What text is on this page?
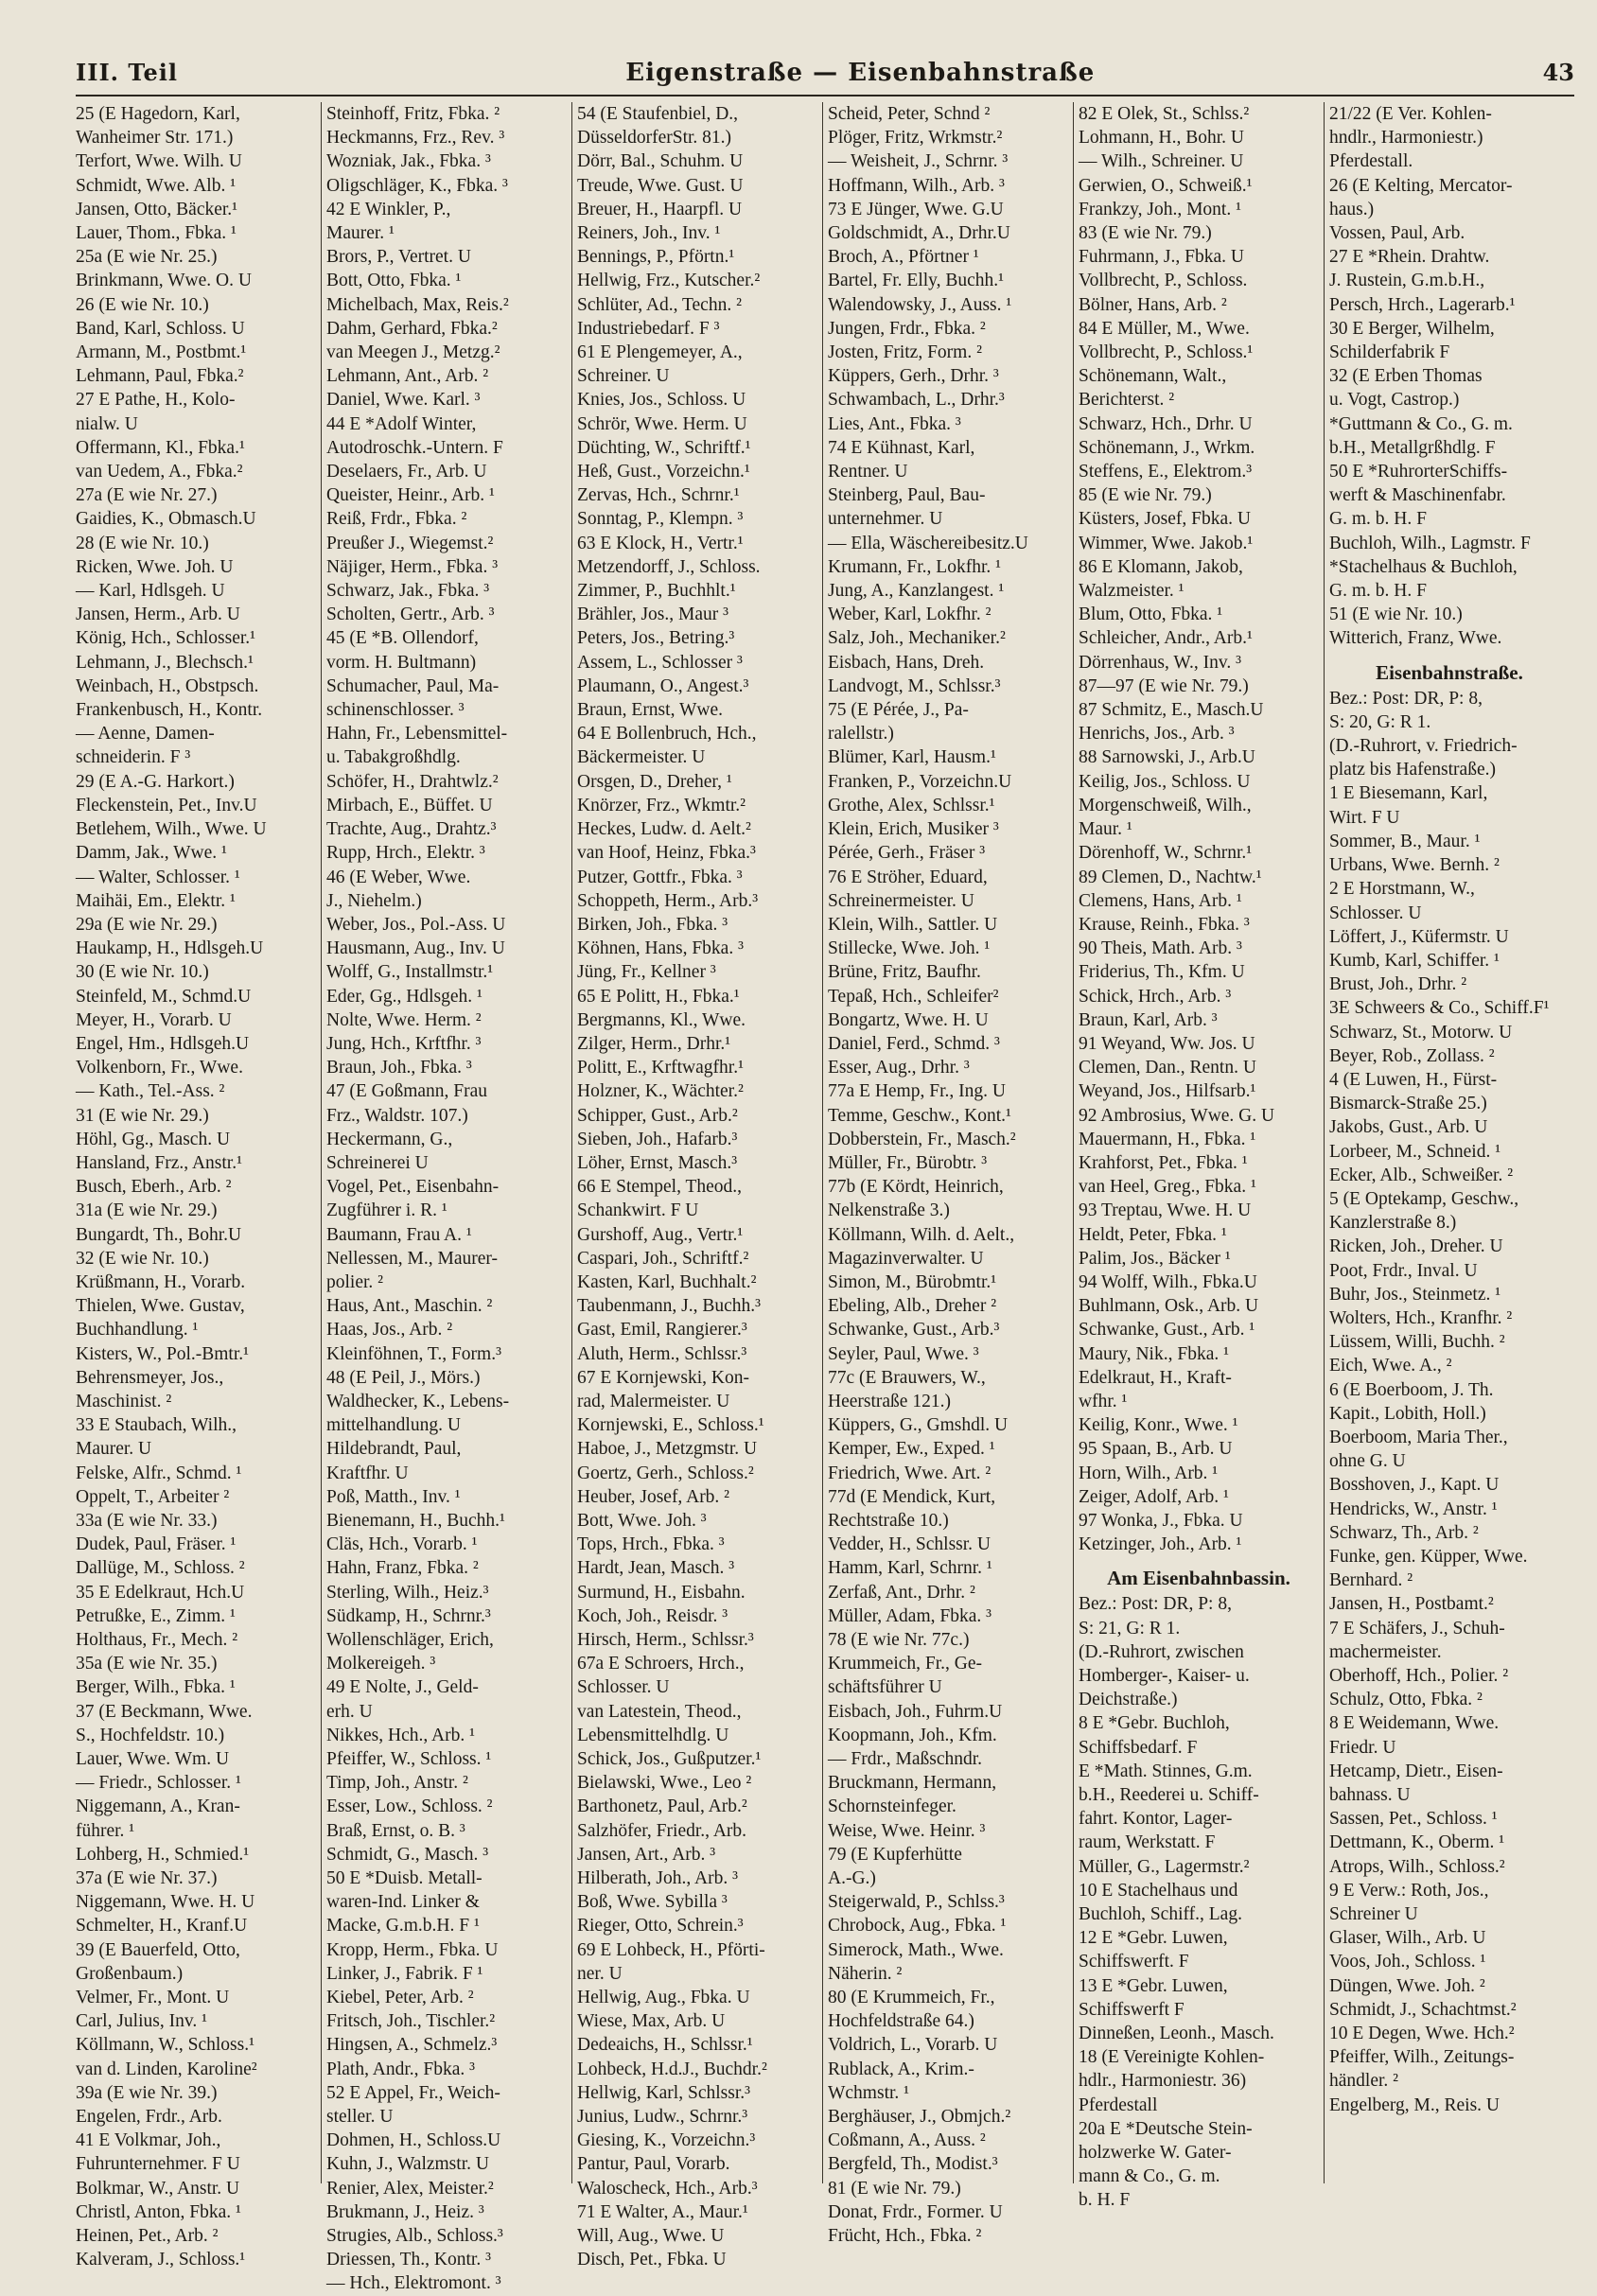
III. Teil	Eigenstraße — Eisenbahnstraße	43
25 (E Hagedorn, Karl,
Wanheimer Str. 171.)
Terfort, Wwe. Wilh. U
Schmidt, Wwe. Alb. ¹
Jansen, Otto, Bäcker.¹
Lauer, Thom., Fbka. ¹
25a (E wie Nr. 25.)
Brinkmann, Wwe. O. U
26 (E wie Nr. 10.)
Band, Karl, Schloss. U
Armann, M., Postbmt.¹
Lehmann, Paul, Fbka.²
27 E Pathe, H., Kolo-
nialw. U
Offermann, Kl., Fbka.¹
van Uedem, A., Fbka.²
27a (E wie Nr. 27.)
Gaidies, K., Obmasch.U
28 (E wie Nr. 10.)
Ricken, Wwe. Joh. U
— Karl, Hdlsgeh. U
Jansen, Herm., Arb. U
König, Hch., Schlosser.¹
Lehmann, J., Blechsch.¹
Weinbach, H., Obstpsch.
Frankenbusch, H., Kontr.
— Aenne, Damen-
schneiderin. F ³
29 (E A.-G. Harkort.)
Fleckenstein, Pet., Inv.U
Betlehem, Wilh., Wwe. U
Damm, Jak., Wwe. ¹
— Walter, Schlosser. ¹
Maihäi, Em., Elektr. ¹
29a (E wie Nr. 29.)
Haukamp, H., Hdlsgeh.U
30 (E wie Nr. 10.)
Steinfeld, M., Schmd.U
Meyer, H., Vorarb. U
Engel, Hm., Hdlsgeh.U
Volkenborn, Fr., Wwe.
— Kath., Tel.-Ass. ²
31 (E wie Nr. 29.)
Höhl, Gg., Masch. U
Hansland, Frz., Anstr.¹
Busch, Eberh., Arb. ²
31a (E wie Nr. 29.)
Bungardt, Th., Bohr.U
32 (E wie Nr. 10.)
Krüßmann, H., Vorarb.
Thielen, Wwe. Gustav,
Buchhandlung. ¹
Kisters, W., Pol.-Bmtr.¹
Behrensmeyer, Jos.,
Maschinist. ²
33 E Staubach, Wilh.,
Maurer. U
Felske, Alfr., Schmd. ¹
Oppelt, T., Arbeiter ²
33a (E wie Nr. 33.)
Dudek, Paul, Fräser. ¹
Dallüge, M., Schloss. ²
35 E Edelkraut, Hch.U
Petrußke, E., Zimm. ¹
Holthaus, Fr., Mech. ²
35a (E wie Nr. 35.)
Berger, Wilh., Fbka. ¹
37 (E Beckmann, Wwe.
S., Hochfeldstr. 10.)
Lauer, Wwe. Wm. U
— Friedr., Schlosser. ¹
Niggemann, A., Kran-
führer. ¹
Lohberg, H., Schmied.¹
37a (E wie Nr. 37.)
Niggemann, Wwe. H. U
Schmelter, H., Kranf.U
39 (E Bauerfeld, Otto,
Großenbaum.)
Velmer, Fr., Mont. U
Carl, Julius, Inv. ¹
Köllmann, W., Schloss.¹
van d. Linden, Karoline²
39a (E wie Nr. 39.)
Engelen, Frdr., Arb.
41 E Volkmar, Joh.,
Fuhrunternehmer. F U
Bolkmar, W., Anstr. U
Christl, Anton, Fbka. ¹
Heinen, Pet., Arb. ²
Kalveram, J., Schloss.¹
Steinhoff, Fritz, Fbka. ²
Heckmanns, Frz., Rev. ³
Wozniak, Jak., Fbka. ³
Oligschläger, K., Fbka. ³
42 E Winkler, P.,
Maurer. ¹
Brors, P., Vertret. U
Bott, Otto, Fbka. ¹
Michelbach, Max, Reis.²
Dahm, Gerhard, Fbka.²
van Meegen J., Metzg.²
Lehmann, Ant., Arb. ²
Daniel, Wwe. Karl. ³
44 E *Adolf Winter,
Autodroschk.-Untern. F
Deselaers, Fr., Arb. U
Queister, Heinr., Arb. ¹
Reiß, Frdr., Fbka. ²
Preußer J., Wiegemst.²
Näjiger, Herm., Fbka. ³
Schwarz, Jak., Fbka. ³
Scholten, Gertr., Arb. ³
45 (E *B. Ollendorf,
vorm. H. Bultmann)
Schumacher, Paul, Ma-
schinenschlosser. ³
Hahn, Fr., Lebensmittel-
u. Tabakgroßhdlg.
Schöfer, H., Drahtwlz.²
Mirbach, E., Büffet. U
Trachte, Aug., Drahtz.³
Rupp, Hrch., Elektr. ³
46 (E Weber, Wwe.
J., Niehelm.)
Weber, Jos., Pol.-Ass. U
Hausmann, Aug., Inv. U
Wolff, G., Installmstr.¹
Eder, Gg., Hdlsgeh. ¹
Nolte, Wwe. Herm. ²
Jung, Hch., Krftfhr. ³
Braun, Joh., Fbka. ³
47 (E Goßmann, Frau
Frz., Waldstr. 107.)
Heckermann, G.,
Schreinerei U
Vogel, Pet., Eisenbahn-
Zugführer i. R. ¹
Baumann, Frau A. ¹
Nellessen, M., Maurer-
polier. ²
Haus, Ant., Maschin. ²
Haas, Jos., Arb. ²
Kleinföhnen, T., Form.³
48 (E Peil, J., Mörs.)
Waldhecker, K., Lebens-
mittelhandlung. U
Hildebrandt, Paul,
Kraftfhr. U
Poß, Matth., Inv. ¹
Bienemann, H., Buchh.¹
Cläs, Hch., Vorarb. ¹
Hahn, Franz, Fbka. ²
Sterling, Wilh., Heiz.³
Südkamp, H., Schrnr.³
Wollenschläger, Erich,
Molkereigeh. ³
49 E Nolte, J., Geld-
erh. U
Nikkes, Hch., Arb. ¹
Pfeiffer, W., Schloss. ¹
Timp, Joh., Anstr. ²
Esser, Low., Schloss. ²
Braß, Ernst, o. B. ³
Schmidt, G., Masch. ³
50 E *Duisb. Metall-
waren-Ind. Linker &
Macke, G.m.b.H. F ¹
Kropp, Herm., Fbka. U
Linker, J., Fabrik. F ¹
Kiebel, Peter, Arb. ²
Fritsch, Joh., Tischler.²
Hingsen, A., Schmelz.³
Plath, Andr., Fbka. ³
52 E Appel, Fr., Weich-
steller. U
Dohmen, H., Schloss.U
Kuhn, J., Walzmstr. U
Renier, Alex, Meister.²
Brukmann, J., Heiz. ³
Strugies, Alb., Schloss.³
Driessen, Th., Kontr. ³
— Hch., Elektromont. ³
54 (E Staufenbiel, D.,
DüsseldorferStr. 81.)
Dörr, Bal., Schuhm. U
Treude, Wwe. Gust. U
Breuer, H., Haarpfl. U
Reiners, Joh., Inv. ¹
Bennings, P., Pförtn.¹
Hellwig, Frz., Kutscher.²
Schlüter, Ad., Techn. ²
Industriebedarf. F ³
61 E Plengemeyer, A.,
Schreiner. U
Knies, Jos., Schloss. U
Schrör, Wwe. Herm. U
Düchting, W., Schriftf.¹
Heß, Gust., Vorzeichn.¹
Zervas, Hch., Schrnr.¹
Sonntag, P., Klempn. ³
63 E Klock, H., Vertr.¹
Metzendorff, J., Schloss.
Zimmer, P., Buchhlt.¹
Brähler, Jos., Maur ³
Peters, Jos., Betring.³
Assem, L., Schlosser ³
Plaumann, O., Angest.³
Braun, Ernst, Wwe.
64 E Bollenbruch, Hch.,
Bäckermeister. U
Orsgen, D., Dreher, ¹
Knörzer, Frz., Wkmtr.²
Heckes, Ludw. d. Aelt.²
van Hoof, Heinz, Fbka.³
Putzer, Gottfr., Fbka. ³
Schoppeth, Herm., Arb.³
Birken, Joh., Fbka. ³
Köhnen, Hans, Fbka. ³
Jüng, Fr., Kellner ³
65 E Politt, H., Fbka.¹
Bergmanns, Kl., Wwe.
Zilger, Herm., Drhr.¹
Politt, E., Krftwagfhr.¹
Holzner, K., Wächter.²
Schipper, Gust., Arb.²
Sieben, Joh., Hafarb.³
Löher, Ernst, Masch.³
66 E Stempel, Theod.,
Schankwirt. F U
Gurshoff, Aug., Vertr.¹
Caspari, Joh., Schriftf.²
Kasten, Karl, Buchhalt.²
Taubenmann, J., Buchh.³
Gast, Emil, Rangierer.³
Aluth, Herm., Schlssr.³
67 E Kornjewski, Kon-
rad, Malermeister. U
Kornjewski, E., Schloss.¹
Haboe, J., Metzgmstr. U
Goertz, Gerh., Schloss.²
Heuber, Josef, Arb. ²
Bott, Wwe. Joh. ³
Tops, Hrch., Fbka. ³
Hardt, Jean, Masch. ³
Surmund, H., Eisbahn.
Koch, Joh., Reisdr. ³
Hirsch, Herm., Schlssr.³
67a E Schroers, Hrch.,
Schlosser. U
van Latestein, Theod.,
Lebensmittelhdlg. U
Schick, Jos., Gußputzer.¹
Bielawski, Wwe., Leo ²
Barthonetz, Paul, Arb.²
Salzhöfer, Friedr., Arb.
Jansen, Art., Arb. ³
Hilberath, Joh., Arb. ³
Boß, Wwe. Sybilla ³
Rieger, Otto, Schrein.³
69 E Lohbeck, H., Pförti-
ner. U
Hellwig, Aug., Fbka. U
Wiese, Max, Arb. U
Dedeaichs, H., Schlssr.¹
Lohbeck, H.d.J., Buchdr.²
Hellwig, Karl, Schlssr.³
Junius, Ludw., Schrnr.³
Giesing, K., Vorzeichn.³
Pantur, Paul, Vorarb.
Waloscheck, Hch., Arb.³
71 E Walter, A., Maur.¹
Will, Aug., Wwe. U
Disch, Pet., Fbka. U
Scheid, Peter, Schnd ²
Plöger, Fritz, Wrkmstr.²
— Weisheit, J., Schrnr. ³
Hoffmann, Wilh., Arb. ³
73 E Jünger, Wwe. G.U
Goldschmidt, A., Drhr.U
Broch, A., Pförtner ¹
Bartel, Fr. Elly, Buchh.¹
Walendowsky, J., Auss. ¹
Jungen, Frdr., Fbka. ²
Josten, Fritz, Form. ²
Küppers, Gerh., Drhr. ³
Schwambach, L., Drhr.³
Lies, Ant., Fbka. ³
74 E Kühnast, Karl,
Rentner. U
Steinberg, Paul, Bau-
unternehmer. U
— Ella, Wäschereibesitz.U
Krumann, Fr., Lokfhr. ¹
Jung, A., Kanzlangest. ¹
Weber, Karl, Lokfhr. ²
Salz, Joh., Mechaniker.²
Eisbach, Hans, Dreh.
Landvogt, M., Schlssr.³
75 (E Pérée, J., Pa-
ralellstr.)
Blümer, Karl, Hausm.¹
Franken, P., Vorzeichn.U
Grothe, Alex, Schlssr.¹
Klein, Erich, Musiker ³
Pérée, Gerh., Fräser ³
76 E Ströher, Eduard,
Schreinermeister. U
Klein, Wilh., Sattler. U
Stillecke, Wwe. Joh. ¹
Brüne, Fritz, Baufhr.
Tepaß, Hch., Schleifer²
Bongartz, Wwe. H. U
Daniel, Ferd., Schmd. ³
Esser, Aug., Drhr. ³
77a E Hemp, Fr., Ing. U
Temme, Geschw., Kont.¹
Dobberstein, Fr., Masch.²
Müller, Fr., Bürobtr. ³
77b (E Kördt, Heinrich,
Nelkenstraße 3.)
Köllmann, Wilh. d. Aelt.,
Magazinverwalter. U
Simon, M., Bürobmtr.¹
Ebeling, Alb., Dreher ²
Schwanke, Gust., Arb.³
Seyler, Paul, Wwe. ³
77c (E Brauwers, W.,
Heerstraße 121.)
Küppers, G., Gmshdl. U
Kemper, Ew., Exped. ¹
Friedrich, Wwe. Art. ²
77d (E Mendick, Kurt,
Rechtstraße 10.)
Vedder, H., Schlssr. U
Hamm, Karl, Schrnr. ¹
Zerfaß, Ant., Drhr. ²
Müller, Adam, Fbka. ³
78 (E wie Nr. 77c.)
Krummeich, Fr., Ge-
schäftsführer U
Eisbach, Joh., Fuhrm.U
Koopmann, Joh., Kfm.
— Frdr., Maßschndr.
Bruckmann, Hermann,
Schornsteinfeger.
Weise, Wwe. Heinr. ³
79 (E Kupferhütte
A.-G.)
Steigerwald, P., Schlss.³
Chrobock, Aug., Fbka. ¹
Simerock, Math., Wwe.
Näherin. ²
80 (E Krummeich, Fr.,
Hochfeldstraße 64.)
Voldrich, L., Vorarb. U
Rublack, A., Krim.-
Wchmstr. ¹
Berghäuser, J., Obmjch.²
Coßmann, A., Auss. ²
Bergfeld, Th., Modist.³
81 (E wie Nr. 79.)
Donat, Frdr., Former. U
Frücht, Hch., Fbka. ²
82 E Olek, St., Schlss.²
Lohmann, H., Bohr. U
— Wilh., Schreiner. U
Gerwien, O., Schweiß.¹
Frankzy, Joh., Mont. ¹
83 (E wie Nr. 79.)
Fuhrmann, J., Fbka. U
Vollbrecht, P., Schloss.
Bölner, Hans, Arb. ²
84 E Müller, M., Wwe.
Vollbrecht, P., Schloss.¹
Schönemann, Walt.,
Berichterst. ²
Schwarz, Hch., Drhr. U
Schönemann, J., Wrkm.
Steffens, E., Elektrom.³
85 (E wie Nr. 79.)
Küsters, Josef, Fbka. U
Wimmer, Wwe. Jakob.¹
86 E Klomann, Jakob,
Walzmeister. ¹
Blum, Otto, Fbka. ¹
Schleicher, Andr., Arb.¹
Dörrenhaus, W., Inv. ³
87—97 (E wie Nr. 79.)
87 Schmitz, E., Masch.U
Henrichs, Jos., Arb. ³
88 Sarnowski, J., Arb.U
Keilig, Jos., Schloss. U
Morgenschweiß, Wilh.,
Maur. ¹
Dörenhoff, W., Schrnr.¹
89 Clemen, D., Nachtw.¹
Clemens, Hans, Arb. ¹
Krause, Reinh., Fbka. ³
90 Theis, Math. Arb. ³
Friderius, Th., Kfm. U
Schick, Hrch., Arb. ³
Braun, Karl, Arb. ³
91 Weyand, Ww. Jos. U
Clemen, Dan., Rentn. U
Weyand, Jos., Hilfsarb.¹
92 Ambrosius, Wwe. G. U
Mauermann, H., Fbka. ¹
Krahforst, Pet., Fbka. ¹
van Heel, Greg., Fbka. ¹
93 Treptau, Wwe. H. U
Heldt, Peter, Fbka. ¹
Palim, Jos., Bäcker ¹
94 Wolff, Wilh., Fbka.U
Buhlmann, Osk., Arb. U
Schwanke, Gust., Arb. ¹
Maury, Nik., Fbka. ¹
Edelkraut, H., Kraft-
wfhr. ¹
Keilig, Konr., Wwe. ¹
95 Spaan, B., Arb. U
Horn, Wilh., Arb. ¹
Zeiger, Adolf, Arb. ¹
97 Wonka, J., Fbka. U
Ketzinger, Joh., Arb. ¹
Am Eisenbahnbassin.
Bez.: Post: DR, P: 8,
S: 21, G: R 1.
(D.-Ruhrort, zwischen
Homberger-, Kaiser- u.
Deichstraße.)
8 E *Gebr. Buchloh,
Schiffsbedarf. F
E *Math. Stinnes, G.m.
b.H., Reederei u. Schiff-
fahrt. Kontor, Lager-
raum, Werkstatt. F
Müller, G., Lagermstr.²
10 E Stachelhaus und
Buchloh, Schiff., Lag.
12 E *Gebr. Luwen,
Schiffswerft. F
13 E *Gebr. Luwen,
Schiffswerft F
Dinneßen, Leonh., Masch.
18 (E Vereinigte Kohlen-
hdlr., Harmoniestr. 36)
Pferdestall
20a E *Deutsche Stein-
holzwerke W. Gater-
mann & Co., G. m.
b. H. F
21/22 (E Ver. Kohlen-
hndlr., Harmoniestr.)
Pferdestall.
26 (E Kelting, Mercator-
haus.)
Vossen, Paul, Arb.
27 E *Rhein. Drahtw.
J. Rustein, G.m.b.H.,
Persch, Hrch., Lagerarb.¹
30 E Berger, Wilhelm,
Schilderfabrik F
32 (E Erben Thomas
u. Vogt, Castrop.)
*Guttmann & Co., G. m.
b.H., Metallgrßhdlg. F
50 E *RuhrorterSchiffs-
werft & Maschinenfabr.
G. m. b. H. F
Buchloh, Wilh., Lagmstr. F
*Stachelhaus & Buchloh,
G. m. b. H. F
51 (E wie Nr. 10.)
Witterich, Franz, Wwe.
Eisenbahnstraße.
Bez.: Post: DR, P: 8,
S: 20, G: R 1.
(D.-Ruhrort, v. Friedrich-
platz bis Hafenstraße.)
1 E Biesemann, Karl,
Wirt. F U
Sommer, B., Maur. ¹
Urbans, Wwe. Bernh. ²
2 E Horstmann, W.,
Schlosser. U
Löffert, J., Küfermstr. U
Kumb, Karl, Schiffer. ¹
Brust, Joh., Drhr. ²
3E Schweers & Co., Schiff.F¹
Schwarz, St., Motorw. U
Beyer, Rob., Zollass. ²
4 (E Luwen, H., Fürst-
Bismarck-Straße 25.)
Jakobs, Gust., Arb. U
Lorbeer, M., Schneid. ¹
Ecker, Alb., Schweißer. ²
5 (E Optekamp, Geschw.,
Kanzlerstraße 8.)
Ricken, Joh., Dreher. U
Poot, Frdr., Inval. U
Buhr, Jos., Steinmetz. ¹
Wolters, Hch., Kranfhr. ²
Lüssem, Willi, Buchh. ²
Eich, Wwe. A., ²
6 (E Boerboom, J. Th.
Kapit., Lobith, Holl.)
Boerboom, Maria Ther.,
ohne G. U
Bosshoven, J., Kapt. U
Hendricks, W., Anstr. ¹
Schwarz, Th., Arb. ²
Funke, gen. Küpper, Wwe.
Bernhard. ²
Jansen, H., Postbamt.²
7 E Schäfers, J., Schuh-
machermeister.
Oberhoff, Hch., Polier. ²
Schulz, Otto, Fbka. ²
8 E Weidemann, Wwe.
Friedr. U
Hetcamp, Dietr., Eisen-
bahnass. U
Sassen, Pet., Schloss. ¹
Dettmann, K., Oberm. ¹
Atrops, Wilh., Schloss.²
9 E Verw.: Roth, Jos.,
Schreiner U
Glaser, Wilh., Arb. U
Voos, Joh., Schloss. ¹
Düngen, Wwe. Joh. ²
Schmidt, J., Schachtmst.²
10 E Degen, Wwe. Hch.²
Pfeiffer, Wilh., Zeitungs-
händler. ²
Engelberg, M., Reis. U
